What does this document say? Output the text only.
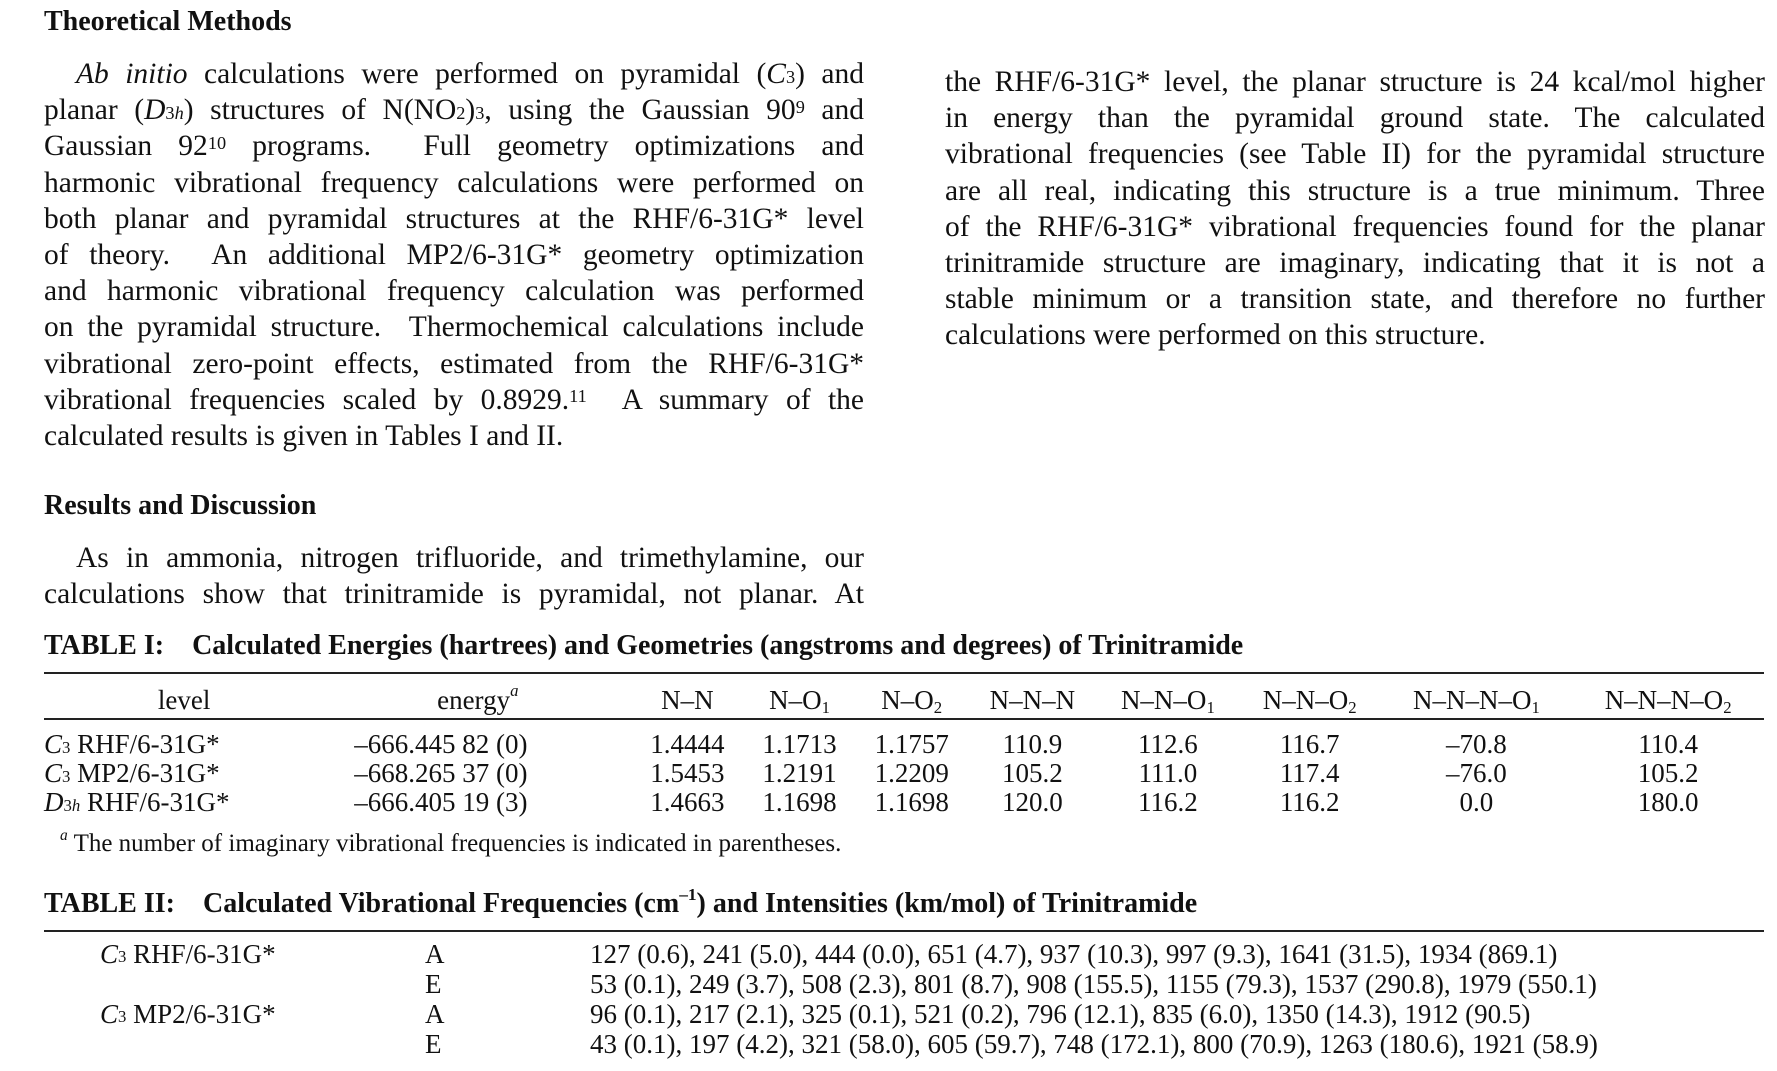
Theoretical Methods
Ab initio calculations were performed on pyramidal $(C_3)$ and
planar $(D_{3h})$ structures of $N(NO_2)_3$, using the Gaussian $90^9$ and
Gaussian $92^{10}$ programs.  Full geometry optimizations and
harmonic vibrational frequency calculations were performed on
both planar and pyramidal structures at the RHF/6-31G* level
of theory.  An additional MP2/6-31G* geometry optimization
and harmonic vibrational frequency calculation was performed
on the pyramidal structure.  Thermochemical calculations include
vibrational zero-point effects, estimated from the RHF/6-31G*
vibrational frequencies scaled by 0.8929.11  A summary of the
calculated results is given in Tables I and II.
Results and Discussion
As in ammonia, nitrogen trifluoride, and trimethylamine, our
calculations show that trinitramide is pyramidal, not planar. At
the RHF/6-31G* level, the planar structure is 24 kcal/mol higher
in energy than the pyramidal ground state. The calculated
vibrational frequencies (see Table II) for the pyramidal structure
are all real, indicating this structure is a true minimum. Three
of the RHF/6-31G* vibrational frequencies found for the planar
trinitramide structure are imaginary, indicating that it is not a
stable minimum or a transition state, and therefore no further
calculations were performed on this structure.
TABLE I: Calculated Energies (hartrees) and Geometries (angstroms and degrees) of Trinitramide
level	energy$^a$	N–N	$N-O_1$	$N-O_2$	N–N–N	$N-N-O_1$	$N-N-O_2$	$N-N-N-O_1$	$N-N-N-O_2$

$C_3$ RHF/6-31G*	–666.445 82 (0)	1.4444	1.1713	1.1757	110.9	112.6	116.7	–70.8	110.4
$C_3$ MP2/6-31G*	–668.265 37 (0)	1.5453	1.2191	1.2209	105.2	111.0	117.4	–76.0	105.2
$D_{3h}$ RHF/6-31G*	–666.405 19 (3)	1.4663	1.1698	1.1698	120.0	116.2	116.2	0.0	180.0
$^a$ The number of imaginary vibrational frequencies is indicated in parentheses.
TABLE II: Calculated Vibrational Frequencies $(cm^{-1})$ and Intensities (km/mol) of Trinitramide
$C_3$ RHF/6-31G*	A	127 (0.6), 241 (5.0), 444 (0.0), 651 (4.7), 937 (10.3), 997 (9.3), 1641 (31.5), 1934 (869.1)
	E	53 (0.1), 249 (3.7), 508 (2.3), 801 (8.7), 908 (155.5), 1155 (79.3), 1537 (290.8), 1979 (550.1)
$C_3$ MP2/6-31G*	A	96 (0.1), 217 (2.1), 325 (0.1), 521 (0.2), 796 (12.1), 835 (6.0), 1350 (14.3), 1912 (90.5)
	E	43 (0.1), 197 (4.2), 321 (58.0), 605 (59.7), 748 (172.1), 800 (70.9), 1263 (180.6), 1921 (58.9)
